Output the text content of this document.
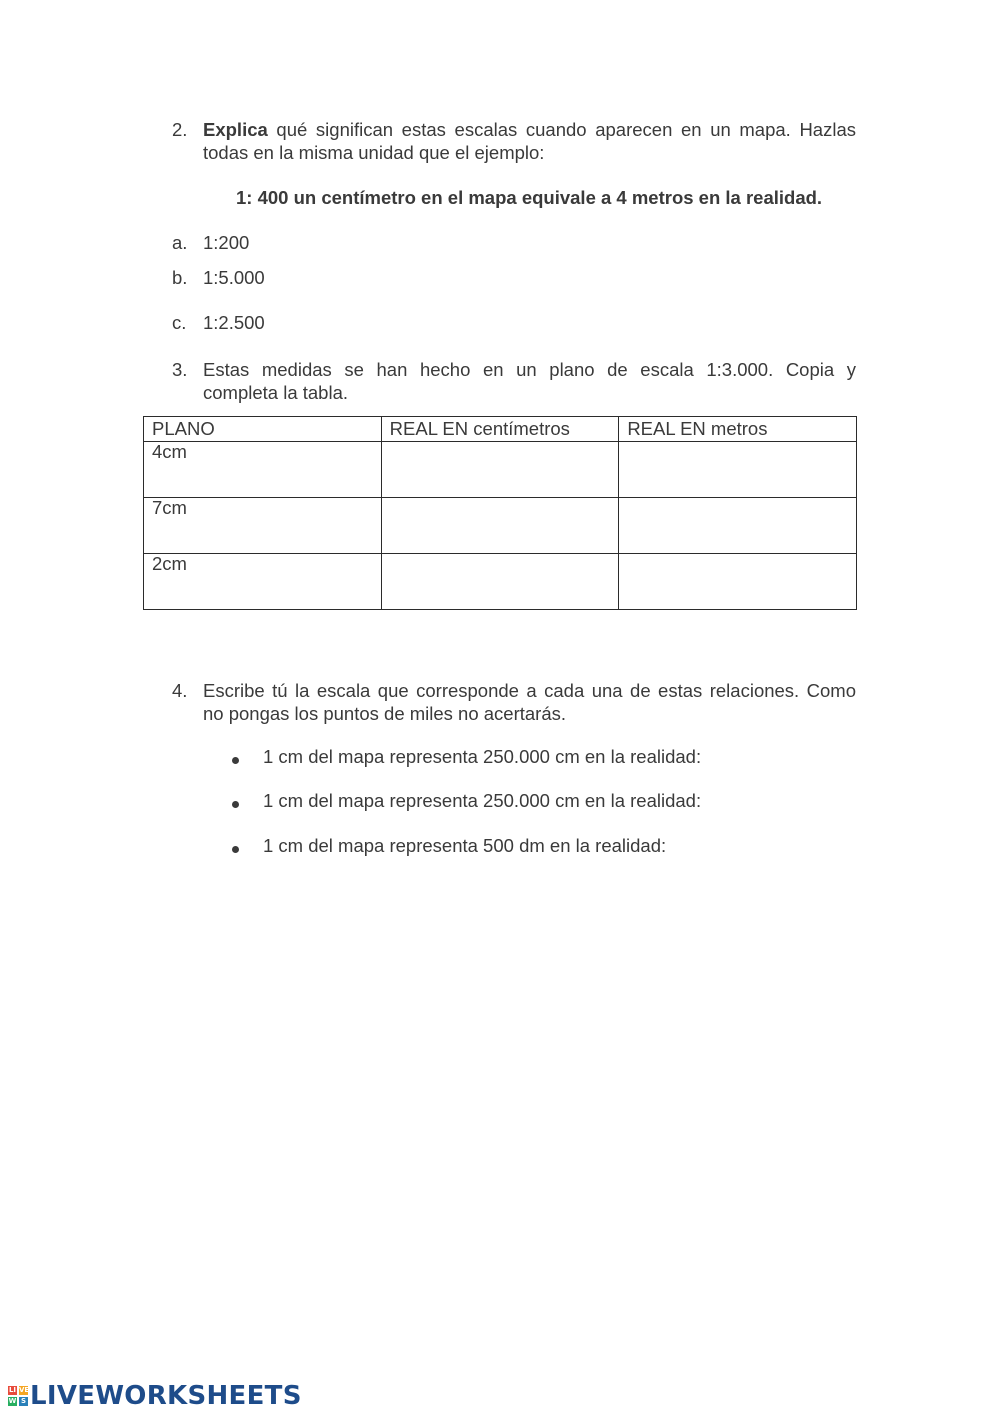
2. Explica qué significan estas escalas cuando aparecen en un mapa. Hazlas
todas en la misma unidad que el ejemplo:
1: 400 un centímetro en el mapa equivale a 4 metros en la realidad.
a. 1:200
b. 1:5.000
c. 1:2.500
3. Estas medidas se han hecho en un plano de escala 1:3.000. Copia y
completa la tabla.
PLANO	REAL EN centímetros	REAL EN metros
4cm		
7cm		
2cm		
4. Escribe tú la escala que corresponde a cada una de estas relaciones. Como
no pongas los puntos de miles no acertarás.
1 cm del mapa representa 250.000 cm en la realidad:
1 cm del mapa representa 250.000 cm en la realidad:
1 cm del mapa representa 500 dm en la realidad:
LI VE
W S LIVEWORKSHEETS
